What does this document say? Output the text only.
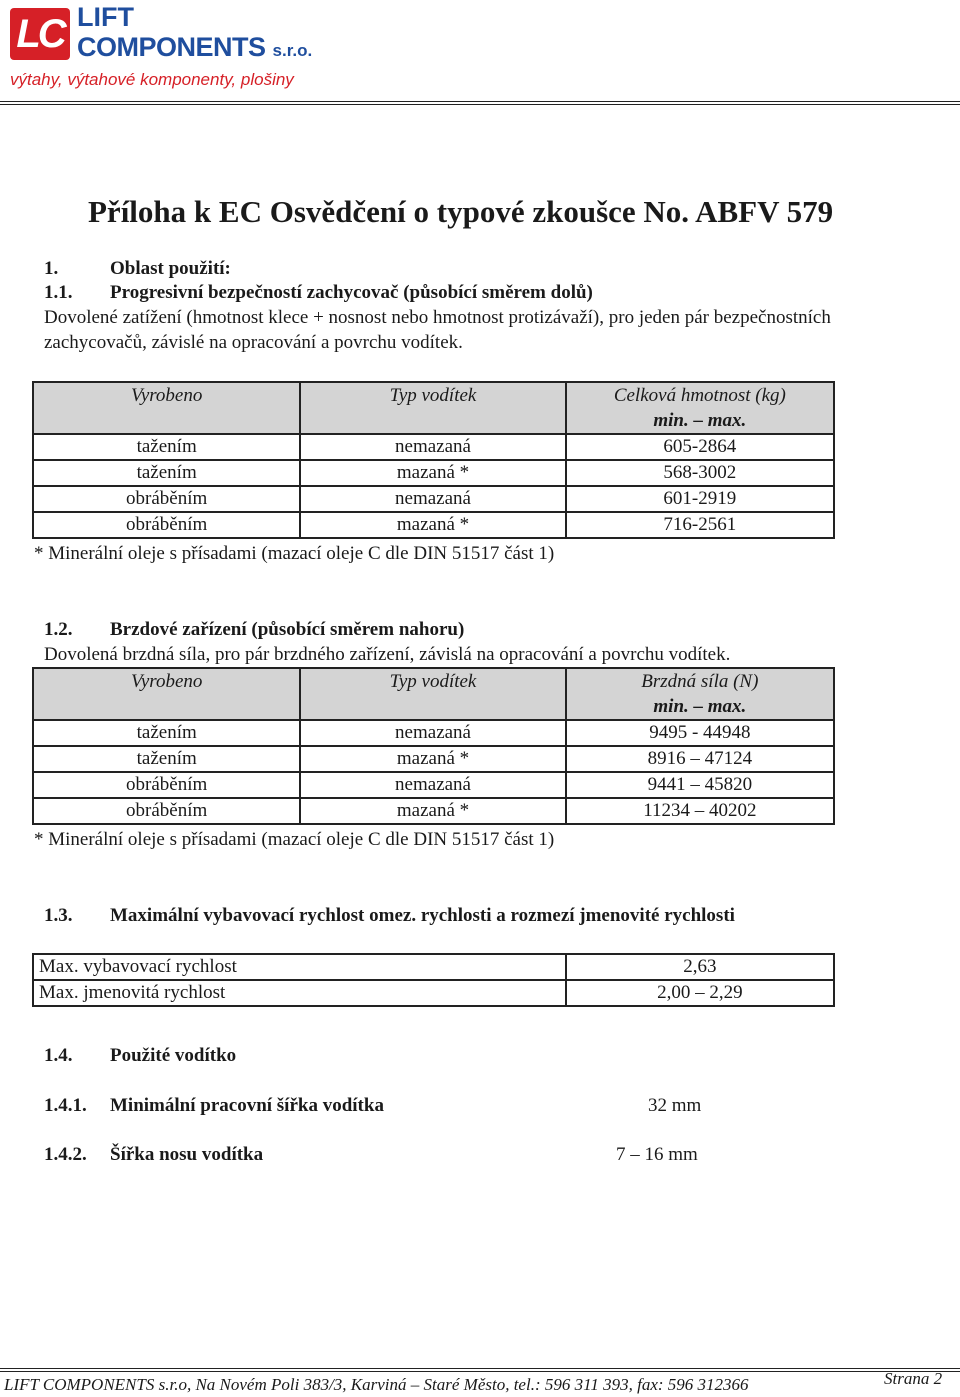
LC LIFT
COMPONENTS s.r.o.
výtahy, výtahové komponenty, plošiny
Příloha k EC Osvědčení o typové zkoušce No. ABFV 579
1.	Oblast použití:
1.1. Progresivní bezpečností zachycovač (působící směrem dolů)
Dovolené zatížení (hmotnost klece + nosnost nebo hmotnost protizávaží), pro jeden pár bezpečnostních
zachycovačů, závislé na opracování a povrchu vodítek.
Vyrobeno	Typ vodítek	Celková hmotnost (kg)
min. – max.

tažením	nemazaná	605-2864
tažením	mazaná *	568-3002
obráběním	nemazaná	601-2919
obráběním	mazaná *	716-2561
* Minerální oleje s přísadami (mazací oleje C dle DIN 51517 část 1)
1.2. Brzdové zařízení (působící směrem nahoru)
Dovolená brzdná síla, pro pár brzdného zařízení, závislá na opracování a povrchu vodítek.
Vyrobeno	Typ vodítek	Brzdná síla (N)
min. – max.

tažením	nemazaná	9495 - 44948
tažením	mazaná *	8916 – 47124
obráběním	nemazaná	9441 – 45820
obráběním	mazaná *	11234 – 40202
* Minerální oleje s přísadami (mazací oleje C dle DIN 51517 část 1)
1.3. Maximální vybavovací rychlost omez. rychlosti a rozmezí jmenovité rychlosti
Max. vybavovací rychlost	2,63
Max. jmenovitá rychlost	2,00 – 2,29
1.4. Použité vodítko
1.4.1. Minimální pracovní šířka vodítka	32 mm
1.4.2. Šířka nosu vodítka	7 – 16 mm
LIFT COMPONENTS s.r.o, Na Novém Poli 383/3, Karviná – Staré Město, tel.: 596 311 393, fax: 596 312366	Strana 2
